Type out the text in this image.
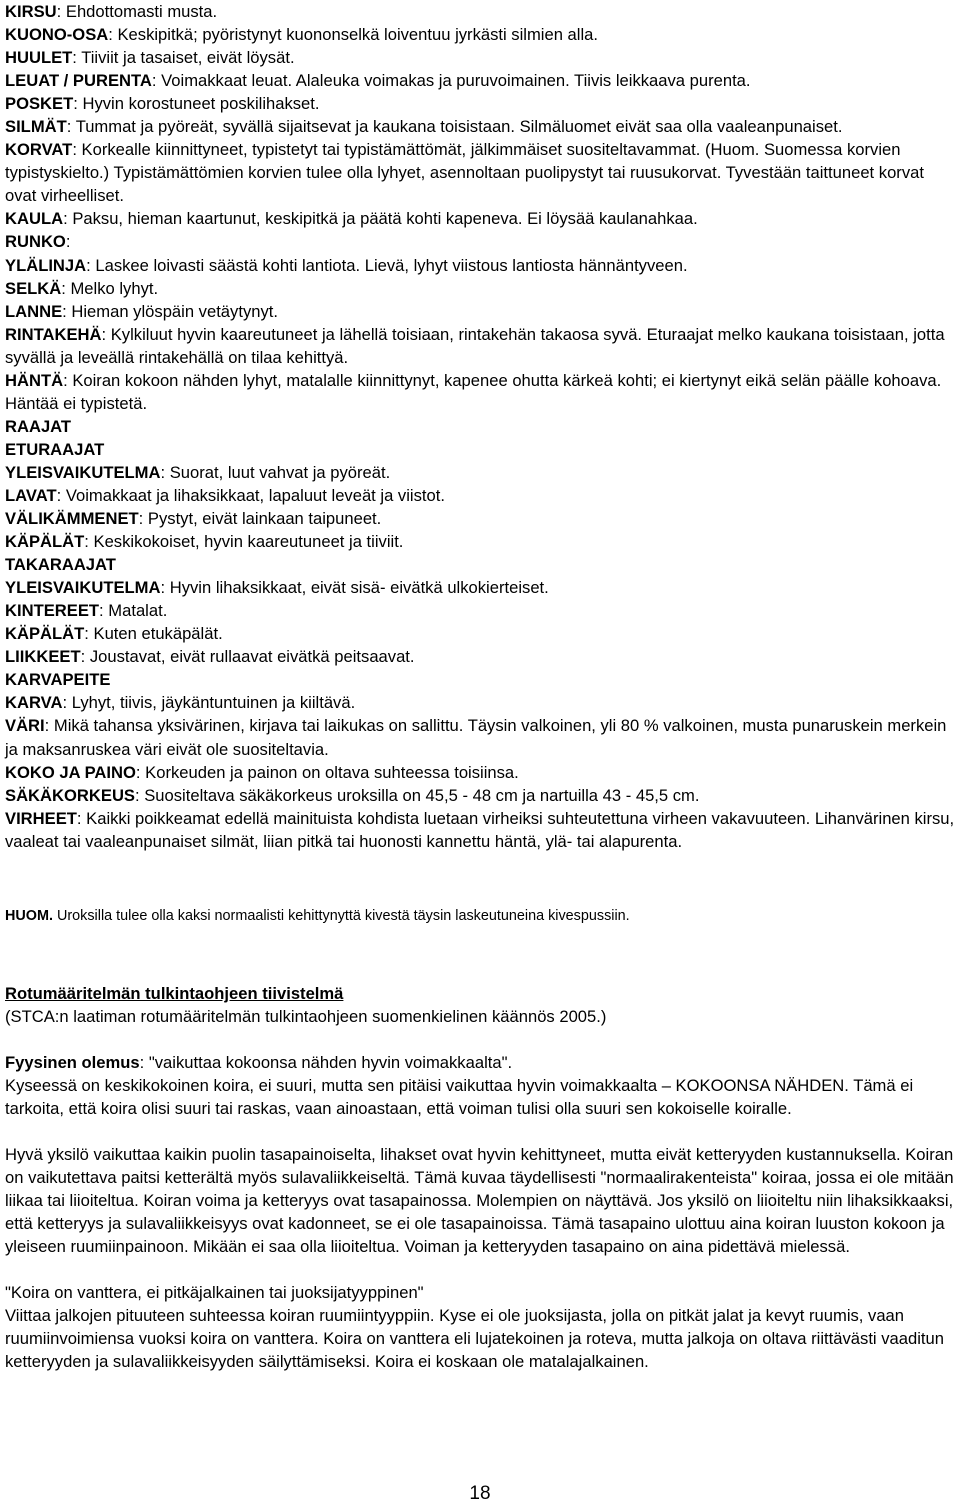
KIRSU: Ehdottomasti musta.

KUONO-OSA: Keskipitkä; pyöristynyt kuononselkä loiventuu jyrkästi silmien alla.

HUULET: Tiiviit ja tasaiset, eivät löysät.

LEUAT / PURENTA: Voimakkaat leuat. Alaleuka voimakas ja puruvoimainen. Tiivis leikkaava purenta.

POSKET: Hyvin korostuneet poskilihakset.

SILMÄT: Tummat ja pyöreät, syvällä sijaitsevat ja kaukana toisistaan. Silmäluomet eivät saa olla vaaleanpunaiset.

KORVAT: Korkealle kiinnittyneet, typistetyt tai typistämättömät, jälkimmäiset suositeltavammat. (Huom. Suomessa korvien typistyskielto.) Typistämättömien korvien tulee olla lyhyet, asennoltaan puolipystyt tai ruusukorvat. Tyvestään taittuneet korvat ovat virheelliset.

KAULA: Paksu, hieman kaartunut, keskipitkä ja päätä kohti kapeneva. Ei löysää kaulanahkaa.

RUNKO:

YLÄLINJA: Laskee loivasti säästä kohti lantiota. Lievä, lyhyt viistous lantiosta hännäntyveen.

SELKÄ: Melko lyhyt.

LANNE: Hieman ylöspäin vetäytynyt.

RINTAKEHÄ: Kylkiluut hyvin kaareutuneet ja lähellä toisiaan, rintakehän takaosa syvä. Eturaajat melko kaukana toisistaan, jotta syvällä ja leveällä rintakehällä on tilaa kehittyä.

HÄNTÄ: Koiran kokoon nähden lyhyt, matalalle kiinnittynyt, kapenee ohutta kärkeä kohti; ei kiertynyt eikä selän päälle kohoava. Häntää ei typistetä.

RAAJAT

ETURAAJAT

YLEISVAIKUTELMA: Suorat, luut vahvat ja pyöreät.

LAVAT: Voimakkaat ja lihaksikkaat, lapaluut leveät ja viistot.

VÄLIKÄMMENET: Pystyt, eivät lainkaan taipuneet.

KÄPÄLÄT: Keskikokoiset, hyvin kaareutuneet ja tiiviit.

TAKARAAJAT

YLEISVAIKUTELMA: Hyvin lihaksikkaat, eivät sisä- eivätkä ulkokierteiset.

KINTEREET: Matalat.

KÄPÄLÄT: Kuten etukäpälät.

LIIKKEET: Joustavat, eivät rullaavat eivätkä peitsaavat.

KARVAPEITE

KARVA: Lyhyt, tiivis, jäykäntuntuinen ja kiiltävä.

VÄRI: Mikä tahansa yksivärinen, kirjava tai laikukas on sallittu. Täysin valkoinen, yli 80 % valkoinen, musta punaruskein merkein ja maksanruskea väri eivät ole suositeltavia.

KOKO JA PAINO: Korkeuden ja painon on oltava suhteessa toisiinsa.

SÄKÄKORKEUS: Suositeltava säkäkorkeus uroksilla on 45,5 - 48 cm ja nartuilla 43 - 45,5 cm.

VIRHEET: Kaikki poikkeamat edellä mainituista kohdista luetaan virheiksi suhteutettuna virheen vakavuuteen. Lihanvärinen kirsu, vaaleat tai vaaleanpunaiset silmät, liian pitkä tai huonosti kannettu häntä, ylä- tai alapurenta.

HUOM. Uroksilla tulee olla kaksi normaalisti kehittynyttä kivestä täysin laskeutuneina kivespussiin.

Rotumääritelmän tulkintaohjeen tiivistelmä

(STCA:n laatiman rotumääritelmän tulkintaohjeen suomenkielinen käännös 2005.)

Fyysinen olemus: "vaikuttaa kokoonsa nähden hyvin voimakkaalta".

Kyseessä on keskikokoinen koira, ei suuri, mutta sen pitäisi vaikuttaa hyvin voimakkaalta – KOKOONSA NÄHDEN. Tämä ei tarkoita, että koira olisi suuri tai raskas, vaan ainoastaan, että voiman tulisi olla suuri sen kokoiselle koiralle.

Hyvä yksilö vaikuttaa kaikin puolin tasapainoiselta, lihakset ovat hyvin kehittyneet, mutta eivät ketteryyden kustannuksella. Koiran on vaikutettava paitsi ketterältä myös sulavaliikkeiseltä. Tämä kuvaa täydellisesti "normaalirakenteista" koiraa, jossa ei ole mitään liikaa tai liioiteltua. Koiran voima ja ketteryys ovat tasapainossa. Molempien on näyttävä. Jos yksilö on liioiteltu niin lihaksikkaaksi, että ketteryys ja sulavaliikkeisyys ovat kadonneet, se ei ole tasapainoissa. Tämä tasapaino ulottuu aina koiran luuston kokoon ja yleiseen ruumiinpainoon. Mikään ei saa olla liioiteltua. Voiman ja ketteryyden tasapaino on aina pidettävä mielessä.

"Koira on vanttera, ei pitkäjalkainen tai juoksijatyyppinen"

Viittaa jalkojen pituuteen suhteessa koiran ruumiintyyppiin. Kyse ei ole juoksijasta, jolla on pitkät jalat ja kevyt ruumis, vaan ruumiinvoimiensa vuoksi koira on vanttera. Koira on vanttera eli lujatekoinen ja roteva, mutta jalkoja on oltava riittävästi vaaditun ketteryyden ja sulavaliikkeisyyden säilyttämiseksi. Koira ei koskaan ole matalajalkainen.

18
